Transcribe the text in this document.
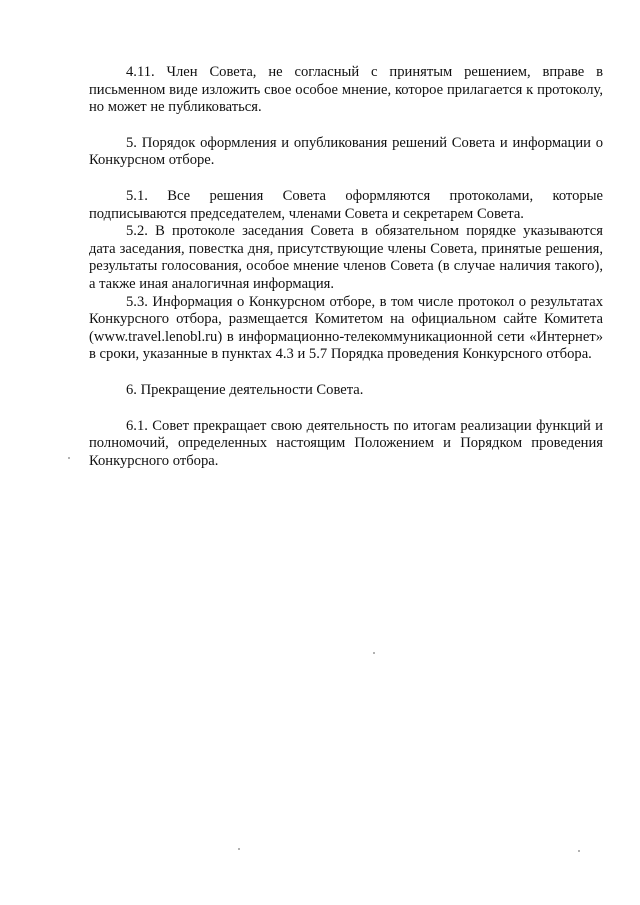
4.11. Член Совета, не согласный с принятым решением, вправе в письменном виде изложить свое особое мнение, которое прилагается к протоколу, но может не публиковаться.

5. Порядок оформления и опубликования решений Совета и информации о Конкурсном отборе.

5.1. Все решения Совета оформляются протоколами, которые подписываются председателем, членами Совета и секретарем Совета.

5.2. В протоколе заседания Совета в обязательном порядке указываются дата заседания, повестка дня, присутствующие члены Совета, принятые решения, результаты голосования, особое мнение членов Совета (в случае наличия такого), а также иная аналогичная информация.

5.3. Информация о Конкурсном отборе, в том числе протокол о результатах Конкурсного отбора, размещается Комитетом на официальном сайте Комитета (www.travel.lenobl.ru) в информационно-телекоммуникационной сети «Интернет» в сроки, указанные в пунктах 4.3 и 5.7 Порядка проведения Конкурсного отбора.

6. Прекращение деятельности Совета.

6.1. Совет прекращает свою деятельность по итогам реализации функций и полномочий, определенных настоящим Положением и Порядком проведения Конкурсного отбора.
